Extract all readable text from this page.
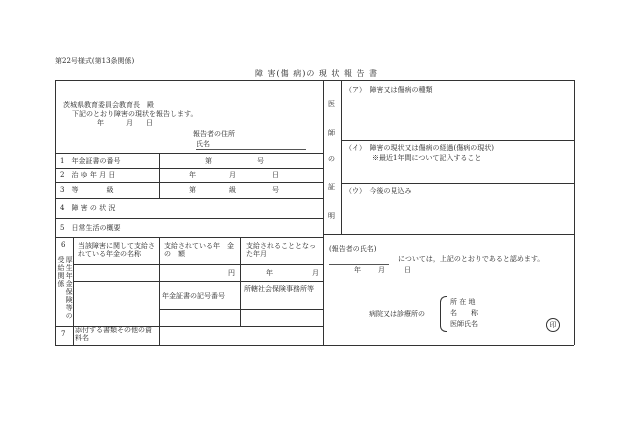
第22号様式(第13条関係)
障 害(傷 病)の 現 状 報 告 書
茨城県教育委員会教育長　殿
下記のとおり障害の現状を報告します。
年	月 日
報告者の住所
氏名
1　年金証書の番号	第	号
2　治 ゆ 年 月 日	年	月	日
3　等　　　　級	第	級	号
4　障 害 の 状 況
5　日常生活の概要
6
厚生年金保険等の受給関係
当該障害に関して支給されている年金の名称
支給されている年　金　の　額
支給されることとなった年月
円	年	月
年金証書の記号番号
所轄社会保険事務所等
7 添付する書類その他の資料名
医
師
の
証
明
（ア）　障害又は傷病の種類
（イ）　障害の現状又は傷病の経過(傷病の現状)
※最近1年間について記入すること
（ウ）　今後の見込み
(報告者の氏名)
については，上記のとおりであると認めます。
年 月	日
病院又は診療所の
所 在 地
名　　称
医師氏名	印
